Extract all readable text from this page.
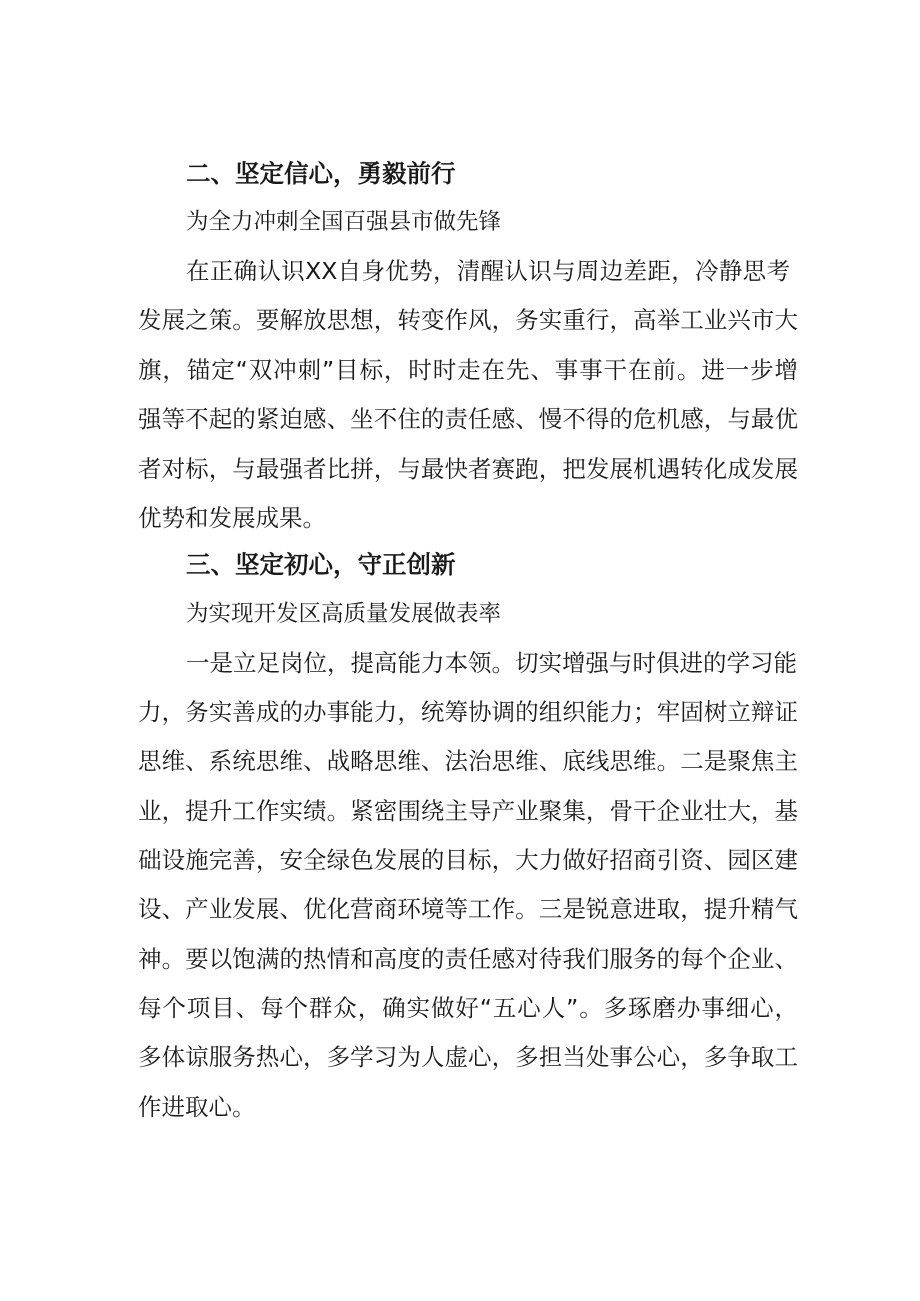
二、坚定信心，勇毅前行
为全力冲刺全国百强县市做先锋
在正确认识XX自身优势，清醒认识与周边差距，冷静思考
发展之策。要解放思想，转变作风，务实重行，高举工业兴市大
旗，锚定“双冲刺”目标，时时走在先、事事干在前。进一步增
强等不起的紧迫感、坐不住的责任感、慢不得的危机感，与最优
者对标，与最强者比拼，与最快者赛跑，把发展机遇转化成发展
优势和发展成果。
三、坚定初心，守正创新
为实现开发区高质量发展做表率
一是立足岗位，提高能力本领。切实增强与时俱进的学习能
力，务实善成的办事能力，统筹协调的组织能力；牢固树立辩证
思维、系统思维、战略思维、法治思维、底线思维。二是聚焦主
业，提升工作实绩。紧密围绕主导产业聚集，骨干企业壮大，基
础设施完善，安全绿色发展的目标，大力做好招商引资、园区建
设、产业发展、优化营商环境等工作。三是锐意进取，提升精气
神。要以饱满的热情和高度的责任感对待我们服务的每个企业、
每个项目、每个群众，确实做好“五心人”。多琢磨办事细心，
多体谅服务热心，多学习为人虚心，多担当处事公心，多争取工
作进取心。
